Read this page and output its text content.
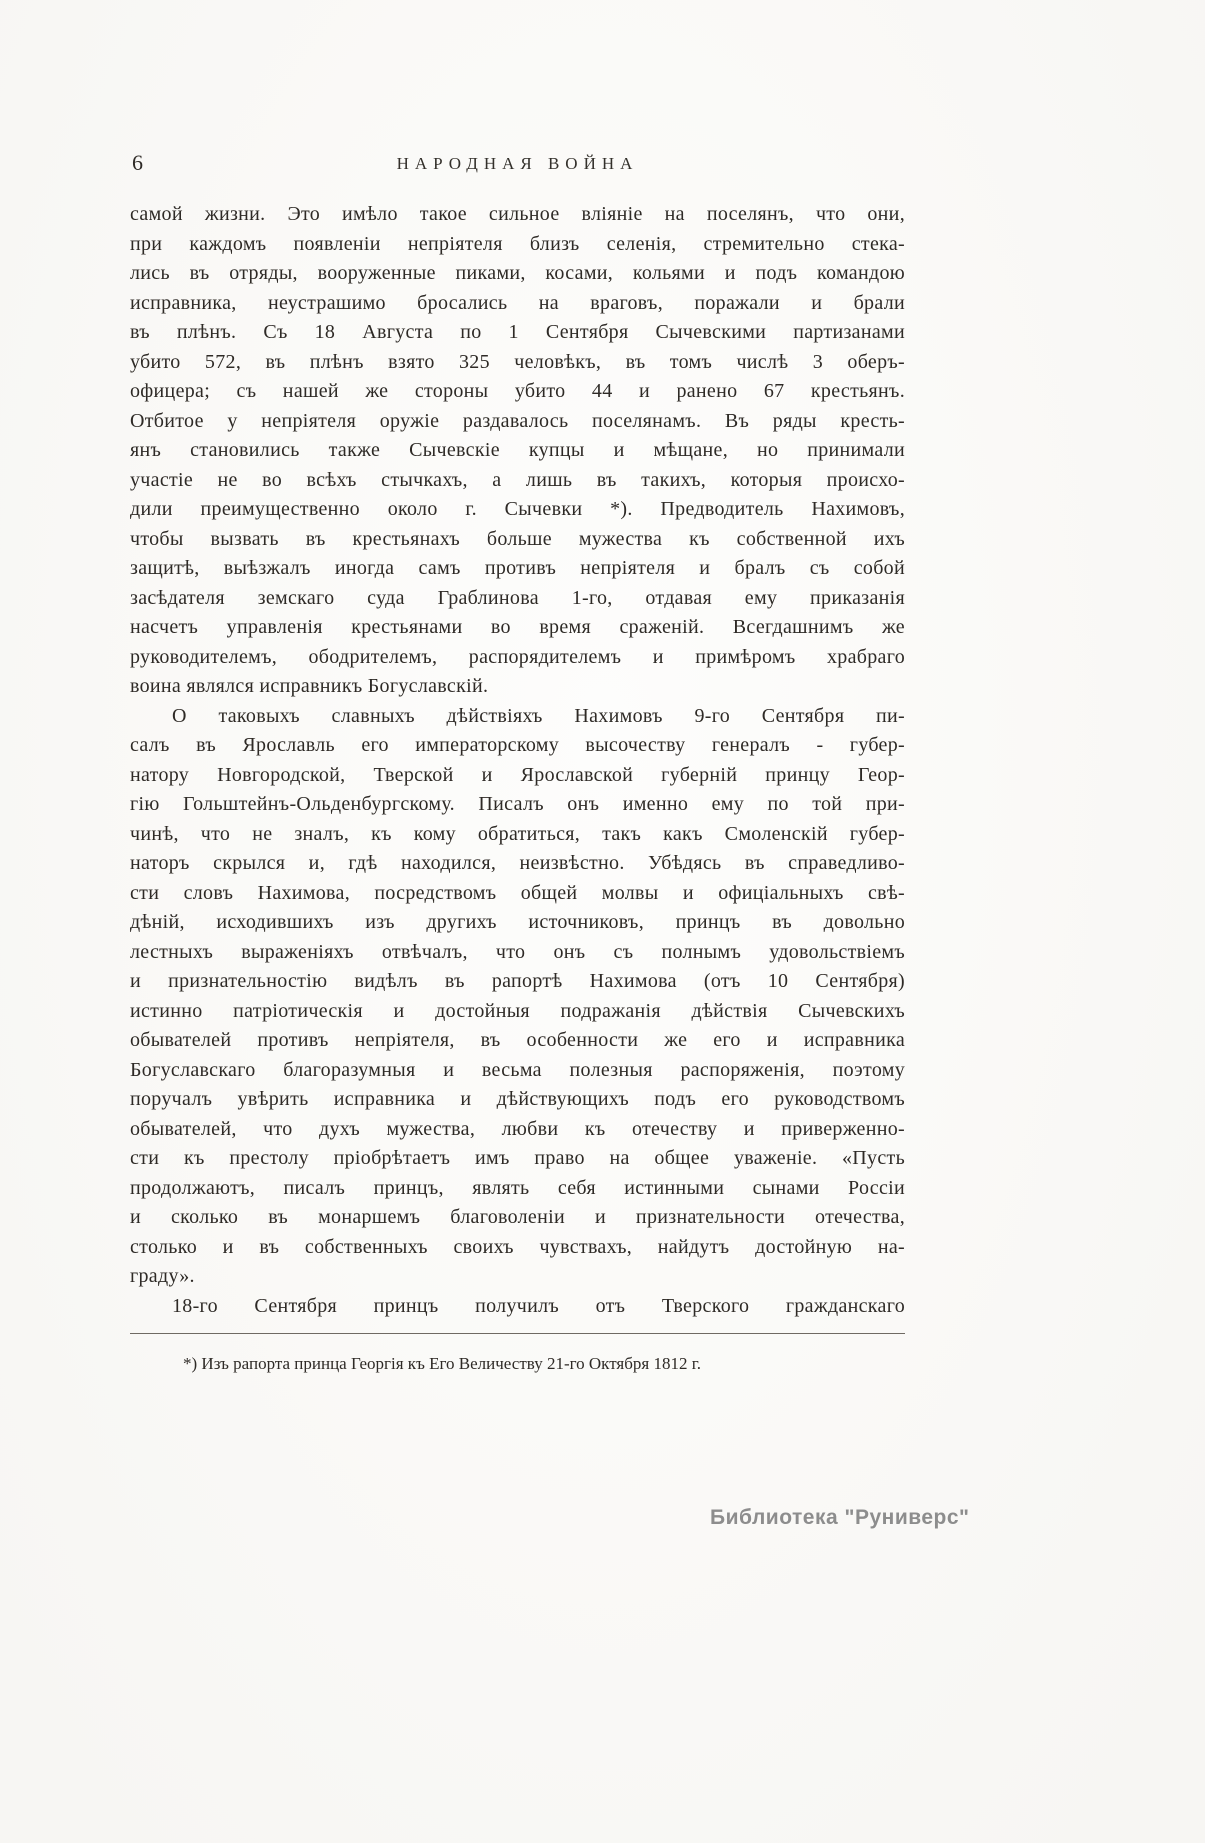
6	НАРОДНАЯ ВОЙНА
самой жизни. Это имѣло такое сильное вліяніе на поселянъ, что они,
при каждомъ появленіи непріятеля близъ селенія, стремительно стека-
лись въ отряды, вооруженные пиками, косами, кольями и подъ командою
исправника, неустрашимо бросались на враговъ, поражали и брали
въ плѣнъ. Съ 18 Августа по 1 Сентября Сычевскими партизанами
убито 572, въ плѣнъ взято 325 человѣкъ, въ томъ числѣ 3 оберъ-
офицера; съ нашей же стороны убито 44 и ранено 67 крестьянъ.
Отбитое у непріятеля оружіе раздавалось поселянамъ. Въ ряды кресть-
янъ становились также Сычевскіе купцы и мѣщане, но принимали
участіе не во всѣхъ стычкахъ, а лишь въ такихъ, которыя происхо-
дили преимущественно около г. Сычевки *). Предводитель Нахимовъ,
чтобы вызвать въ крестьянахъ больше мужества къ собственной ихъ
защитѣ, выѣзжалъ иногда самъ противъ непріятеля и бралъ съ собой
засѣдателя земскаго суда Граблинова 1-го, отдавая ему приказанія
насчетъ управленія крестьянами во время сраженій. Всегдашнимъ же
руководителемъ, ободрителемъ, распорядителемъ и примѣромъ храбраго
воина являлся исправникъ Богуславскій.
О таковыхъ славныхъ дѣйствіяхъ Нахимовъ 9-го Сентября пи-
салъ въ Ярославль его императорскому высочеству генералъ - губер-
натору Новгородской, Тверской и Ярославской губерній принцу Геор-
гію Гольштейнъ-Ольденбургскому. Писалъ онъ именно ему по той при-
чинѣ, что не зналъ, къ кому обратиться, такъ какъ Смоленскій губер-
наторъ скрылся и, гдѣ находился, неизвѣстно. Убѣдясь въ справедливо-
сти словъ Нахимова, посредствомъ общей молвы и офиціальныхъ свѣ-
дѣній, исходившихъ изъ другихъ источниковъ, принцъ въ довольно
лестныхъ выраженіяхъ отвѣчалъ, что онъ съ полнымъ удовольствіемъ
и признательностію видѣлъ въ рапортѣ Нахимова (отъ 10 Сентября)
истинно патріотическія и достойныя подражанія дѣйствія Сычевскихъ
обывателей противъ непріятеля, въ особенности же его и исправника
Богуславскаго благоразумныя и весьма полезныя распоряженія, поэтому
поручалъ увѣрить исправника и дѣйствующихъ подъ его руководствомъ
обывателей, что духъ мужества, любви къ отечеству и приверженно-
сти къ престолу пріобрѣтаетъ имъ право на общее уваженіе. «Пусть
продолжаютъ, писалъ принцъ, являть себя истинными сынами Россіи
и сколько въ монаршемъ благоволеніи и признательности отечества,
столько и въ собственныхъ своихъ чувствахъ, найдутъ достойную на-
граду».
18-го Сентября принцъ получилъ отъ Тверского гражданскаго
*) Изъ рапорта принца Георгія къ Его Величеству 21-го Октября 1812 г.
Библиотека "Руниверс"
